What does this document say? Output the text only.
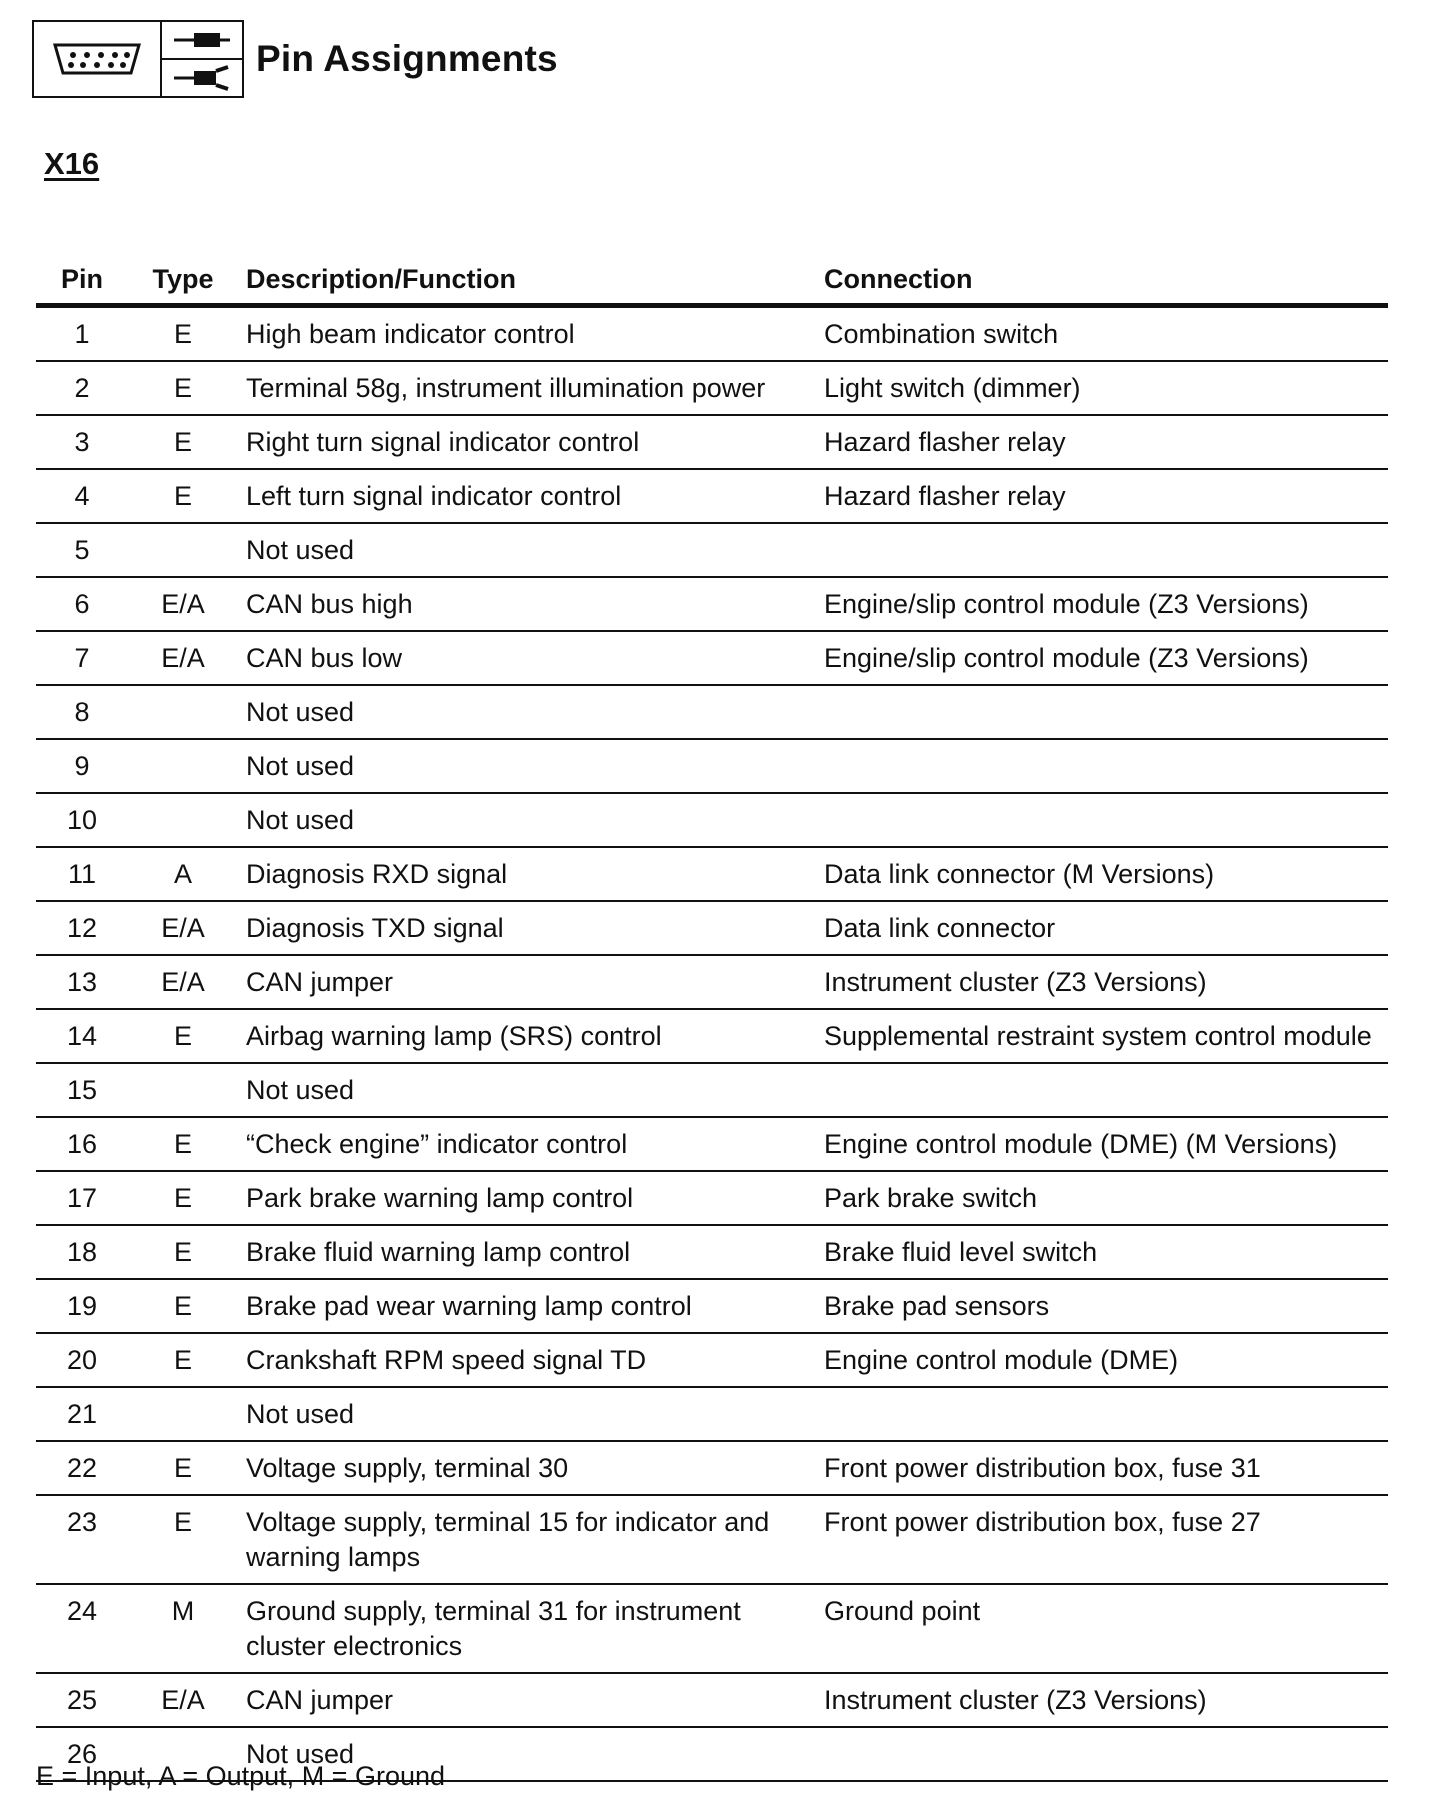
Pin Assignments
X16
Pin	Type	Description/Function	Connection
1	E	High beam indicator control	Combination switch
2	E	Terminal 58g, instrument illumination power	Light switch (dimmer)
3	E	Right turn signal indicator control	Hazard flasher relay
4	E	Left turn signal indicator control	Hazard flasher relay
5		Not used	
6	E/A	CAN bus high	Engine/slip control module (Z3 Versions)
7	E/A	CAN bus low	Engine/slip control module (Z3 Versions)
8		Not used	
9		Not used	
10		Not used	
11	A	Diagnosis RXD signal	Data link connector (M Versions)
12	E/A	Diagnosis TXD signal	Data link connector
13	E/A	CAN jumper	Instrument cluster (Z3 Versions)
14	E	Airbag warning lamp (SRS) control	Supplemental restraint system control module
15		Not used	
16	E	“Check engine” indicator control	Engine control module (DME) (M Versions)
17	E	Park brake warning lamp control	Park brake switch
18	E	Brake fluid warning lamp control	Brake fluid level switch
19	E	Brake pad wear warning lamp control	Brake pad sensors
20	E	Crankshaft RPM speed signal TD	Engine control module (DME)
21		Not used	
22	E	Voltage supply, terminal 30	Front power distribution box, fuse 31
23	E	Voltage supply, terminal 15 for indicator and warning lamps	Front power distribution box, fuse 27
24	M	Ground supply, terminal 31 for instrument cluster electronics	Ground point
25	E/A	CAN jumper	Instrument cluster (Z3 Versions)
26		Not used	
E = Input, A = Output, M = Ground
